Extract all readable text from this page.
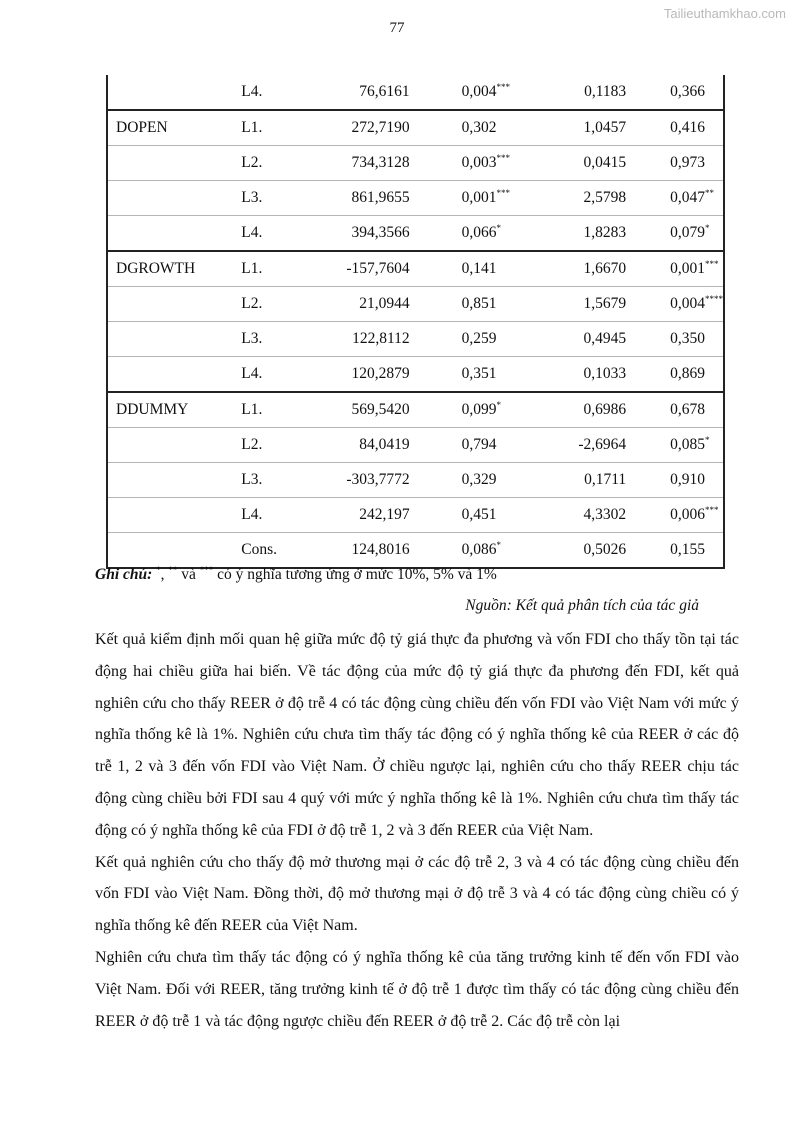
Tailieuthamkhao.com
77
	L4.	76,6161	0,004***	0,1183	0,366
DOPEN	L1.	272,7190	0,302	1,0457	0,416
	L2.	734,3128	0,003***	0,0415	0,973
	L3.	861,9655	0,001***	2,5798	0,047**
	L4.	394,3566	0,066*	1,8283	0,079*
DGROWTH	L1.	-157,7604	0,141	1,6670	0,001***
	L2.	21,0944	0,851	1,5679	0,004****
	L3.	122,8112	0,259	0,4945	0,350
	L4.	120,2879	0,351	0,1033	0,869
DDUMMY	L1.	569,5420	0,099*	0,6986	0,678
	L2.	84,0419	0,794	-2,6964	0,085*
	L3.	-303,7772	0,329	0,1711	0,910
	L4.	242,197	0,451	4,3302	0,006***
	Cons.	124,8016	0,086*	0,5026	0,155
Ghi chú: *, ** và *** có ý nghĩa tương ứng ở mức 10%, 5% và 1%
Nguồn: Kết quả phân tích của tác giả

Kết quả kiểm định mối quan hệ giữa mức độ tỷ giá thực đa phương và vốn FDI cho thấy tồn tại tác động hai chiều giữa hai biến. Về tác động của mức độ tỷ giá thực đa phương đến FDI, kết quả nghiên cứu cho thấy REER ở độ trễ 4 có tác động cùng chiều đến vốn FDI vào Việt Nam với mức ý nghĩa thống kê là 1%. Nghiên cứu chưa tìm thấy tác động có ý nghĩa thống kê của REER ở các độ trễ 1, 2 và 3 đến vốn FDI vào Việt Nam. Ở chiều ngược lại, nghiên cứu cho thấy REER chịu tác động cùng chiều bởi FDI sau 4 quý với mức ý nghĩa thống kê là 1%. Nghiên cứu chưa tìm thấy tác động có ý nghĩa thống kê của FDI ở độ trễ 1, 2 và 3 đến REER của Việt Nam.

Kết quả nghiên cứu cho thấy độ mở thương mại ở các độ trễ 2, 3 và 4 có tác động cùng chiều đến vốn FDI vào Việt Nam. Đồng thời, độ mở thương mại ở độ trễ 3 và 4 có tác động cùng chiều có ý nghĩa thống kê đến REER của Việt Nam.

Nghiên cứu chưa tìm thấy tác động có ý nghĩa thống kê của tăng trưởng kinh tế đến vốn FDI vào Việt Nam. Đối với REER, tăng trưởng kinh tế ở độ trễ 1 được tìm thấy có tác động cùng chiều đến REER ở độ trễ 1 và tác động ngược chiều đến REER ở độ trễ 2. Các độ trễ còn lại
